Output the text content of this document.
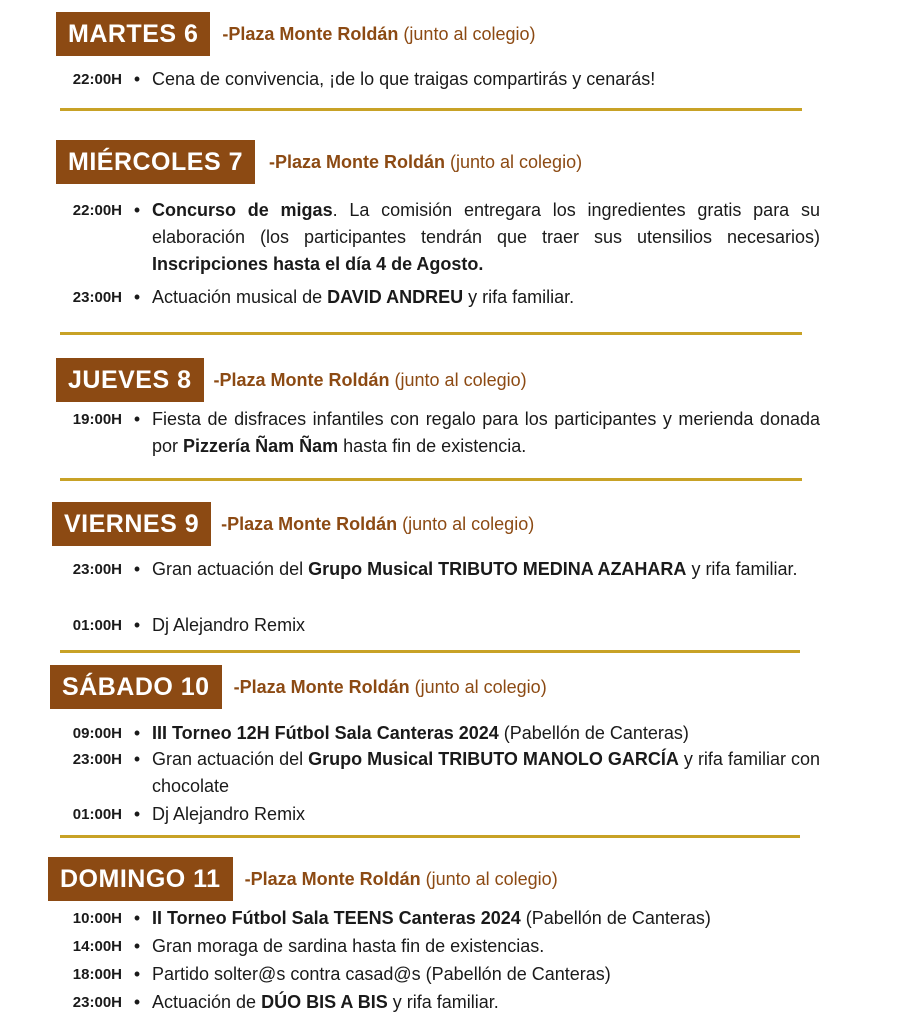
MARTES 6	-Plaza Monte Roldán (junto al colegio)
22:00H • Cena de convivencia, ¡de lo que traigas compartirás y cenarás!
MIÉRCOLES 7	-Plaza Monte Roldán (junto al colegio)
22:00H • Concurso de migas. La comisión entregara los ingredientes gratis para su elaboración (los participantes tendrán que traer sus utensilios necesarios) Inscripciones hasta el día 4 de Agosto.
23:00H • Actuación musical de DAVID ANDREU y rifa familiar.
JUEVES 8	-Plaza Monte Roldán (junto al colegio)
19:00H • Fiesta de disfraces infantiles con regalo para los participantes y merienda donada por Pizzería Ñam Ñam hasta fin de existencia.
VIERNES 9	-Plaza Monte Roldán (junto al colegio)
23:00H • Gran actuación del Grupo Musical TRIBUTO MEDINA AZAHARA y rifa familiar.
01:00H • Dj Alejandro Remix
SÁBADO 10	-Plaza Monte Roldán (junto al colegio)
09:00H • III Torneo 12H Fútbol Sala Canteras 2024 (Pabellón de Canteras)
23:00H • Gran actuación del Grupo Musical TRIBUTO MANOLO GARCÍA y rifa familiar con chocolate
01:00H • Dj Alejandro Remix
DOMINGO 11	-Plaza Monte Roldán (junto al colegio)
10:00H • II Torneo Fútbol Sala TEENS Canteras 2024 (Pabellón de Canteras)
14:00H • Gran moraga de sardina hasta fin de existencias.
18:00H • Partido solter@s contra casad@s (Pabellón de Canteras)
23:00H • Actuación de DÚO BIS A BIS y rifa familiar.
